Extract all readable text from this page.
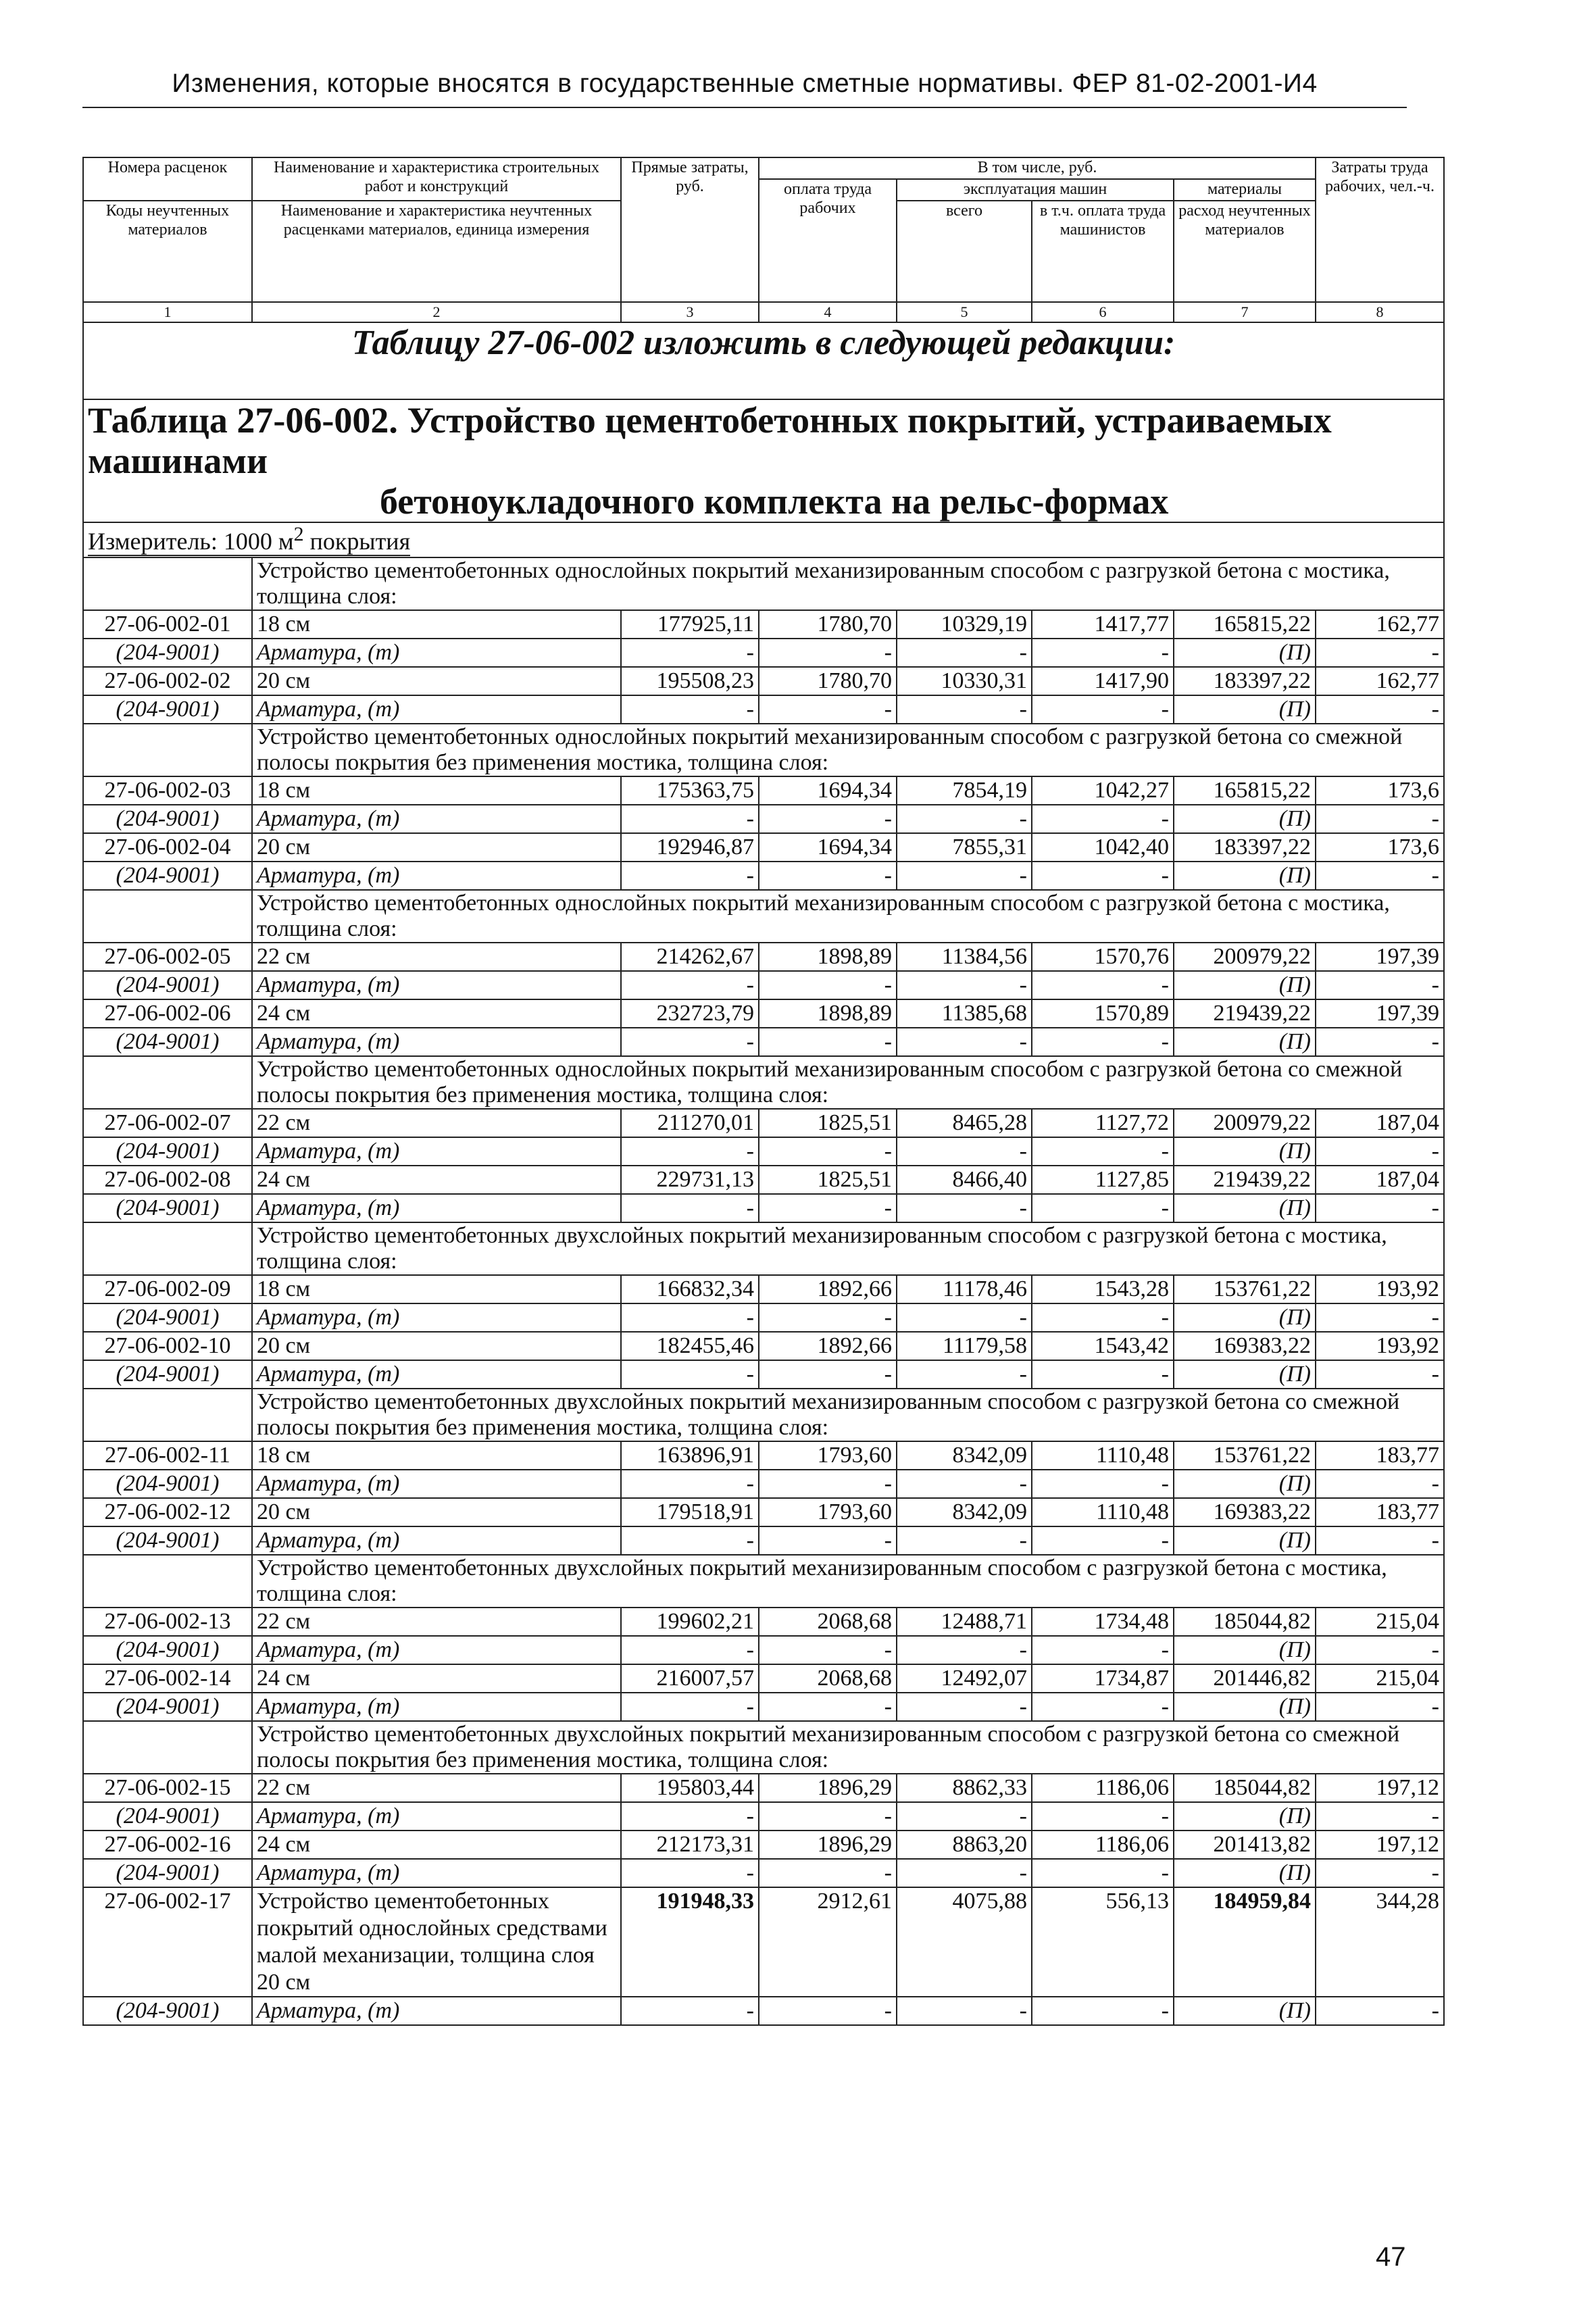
Изменения, которые вносятся в государственные сметные нормативы. ФЕР 81-02-2001-И4
Номера расценок	Наименование и характеристика строительных работ и конструкций	Прямые затраты, руб.	В том числе, руб.				Затраты труда рабочих, чел.-ч.
			оплата труда рабочих	эксплуатация машин		материалы	
Коды неучтенных материалов	Наименование и характеристика неучтенных расценками материалов, единица измерения			всего	в т.ч. оплата труда машинистов	расход неучтенных материалов	

1	2	3	4	5	6	7	8
Таблицу 27-06-002 изложить в следующей редакции:							

Таблица 27-06-002. Устройство цементобетонных покрытий, устраиваемых машинами
бетоноукладочного комплекта на рельс-формах							

Измеритель: 1000 $м^2$ покрытия							
	Устройство цементобетонных однослойных покрытий механизированным способом с разгрузкой бетона с мостика, толщина слоя:						
27-06-002-01	18 см	177925,11	1780,70	10329,19	1417,77	165815,22	162,77
(204-9001)	Арматура, (т)	-	-	-	-	(П)	-
27-06-002-02	20 см	195508,23	1780,70	10330,31	1417,90	183397,22	162,77
(204-9001)	Арматура, (т)	-	-	-	-	(П)	-
	Устройство цементобетонных однослойных покрытий механизированным способом с разгрузкой бетона со смежной полосы покрытия без применения мостика, толщина слоя:						
27-06-002-03	18 см	175363,75	1694,34	7854,19	1042,27	165815,22	173,6
(204-9001)	Арматура, (т)	-	-	-	-	(П)	-
27-06-002-04	20 см	192946,87	1694,34	7855,31	1042,40	183397,22	173,6
(204-9001)	Арматура, (т)	-	-	-	-	(П)	-
	Устройство цементобетонных однослойных покрытий механизированным способом с разгрузкой бетона с мостика, толщина слоя:						
27-06-002-05	22 см	214262,67	1898,89	11384,56	1570,76	200979,22	197,39
(204-9001)	Арматура, (т)	-	-	-	-	(П)	-
27-06-002-06	24 см	232723,79	1898,89	11385,68	1570,89	219439,22	197,39
(204-9001)	Арматура, (т)	-	-	-	-	(П)	-
	Устройство цементобетонных однослойных покрытий механизированным способом с разгрузкой бетона со смежной полосы покрытия без применения мостика, толщина слоя:						
27-06-002-07	22 см	211270,01	1825,51	8465,28	1127,72	200979,22	187,04
(204-9001)	Арматура, (т)	-	-	-	-	(П)	-
27-06-002-08	24 см	229731,13	1825,51	8466,40	1127,85	219439,22	187,04
(204-9001)	Арматура, (т)	-	-	-	-	(П)	-
	Устройство цементобетонных двухслойных покрытий механизированным способом с разгрузкой бетона с мостика, толщина слоя:						
27-06-002-09	18 см	166832,34	1892,66	11178,46	1543,28	153761,22	193,92
(204-9001)	Арматура, (т)	-	-	-	-	(П)	-
27-06-002-10	20 см	182455,46	1892,66	11179,58	1543,42	169383,22	193,92
(204-9001)	Арматура, (т)	-	-	-	-	(П)	-
	Устройство цементобетонных двухслойных покрытий механизированным способом с разгрузкой бетона со смежной полосы покрытия без применения мостика, толщина слоя:						
27-06-002-11	18 см	163896,91	1793,60	8342,09	1110,48	153761,22	183,77
(204-9001)	Арматура, (т)	-	-	-	-	(П)	-
27-06-002-12	20 см	179518,91	1793,60	8342,09	1110,48	169383,22	183,77
(204-9001)	Арматура, (т)	-	-	-	-	(П)	-
	Устройство цементобетонных двухслойных покрытий механизированным способом с разгрузкой бетона с мостика, толщина слоя:						
27-06-002-13	22 см	199602,21	2068,68	12488,71	1734,48	185044,82	215,04
(204-9001)	Арматура, (т)	-	-	-	-	(П)	-
27-06-002-14	24 см	216007,57	2068,68	12492,07	1734,87	201446,82	215,04
(204-9001)	Арматура, (т)	-	-	-	-	(П)	-
	Устройство цементобетонных двухслойных покрытий механизированным способом с разгрузкой бетона со смежной полосы покрытия без применения мостика, толщина слоя:						
27-06-002-15	22 см	195803,44	1896,29	8862,33	1186,06	185044,82	197,12
(204-9001)	Арматура, (т)	-	-	-	-	(П)	-
27-06-002-16	24 см	212173,31	1896,29	8863,20	1186,06	201413,82	197,12
(204-9001)	Арматура, (т)	-	-	-	-	(П)	-
27-06-002-17	Устройство цементобетонных покрытий однослойных средствами малой механизации, толщина слоя 20 см	191948,33	2912,61	4075,88	556,13	184959,84	344,28
(204-9001)	Арматура, (т)	-	-	-	-	(П)	-
47
